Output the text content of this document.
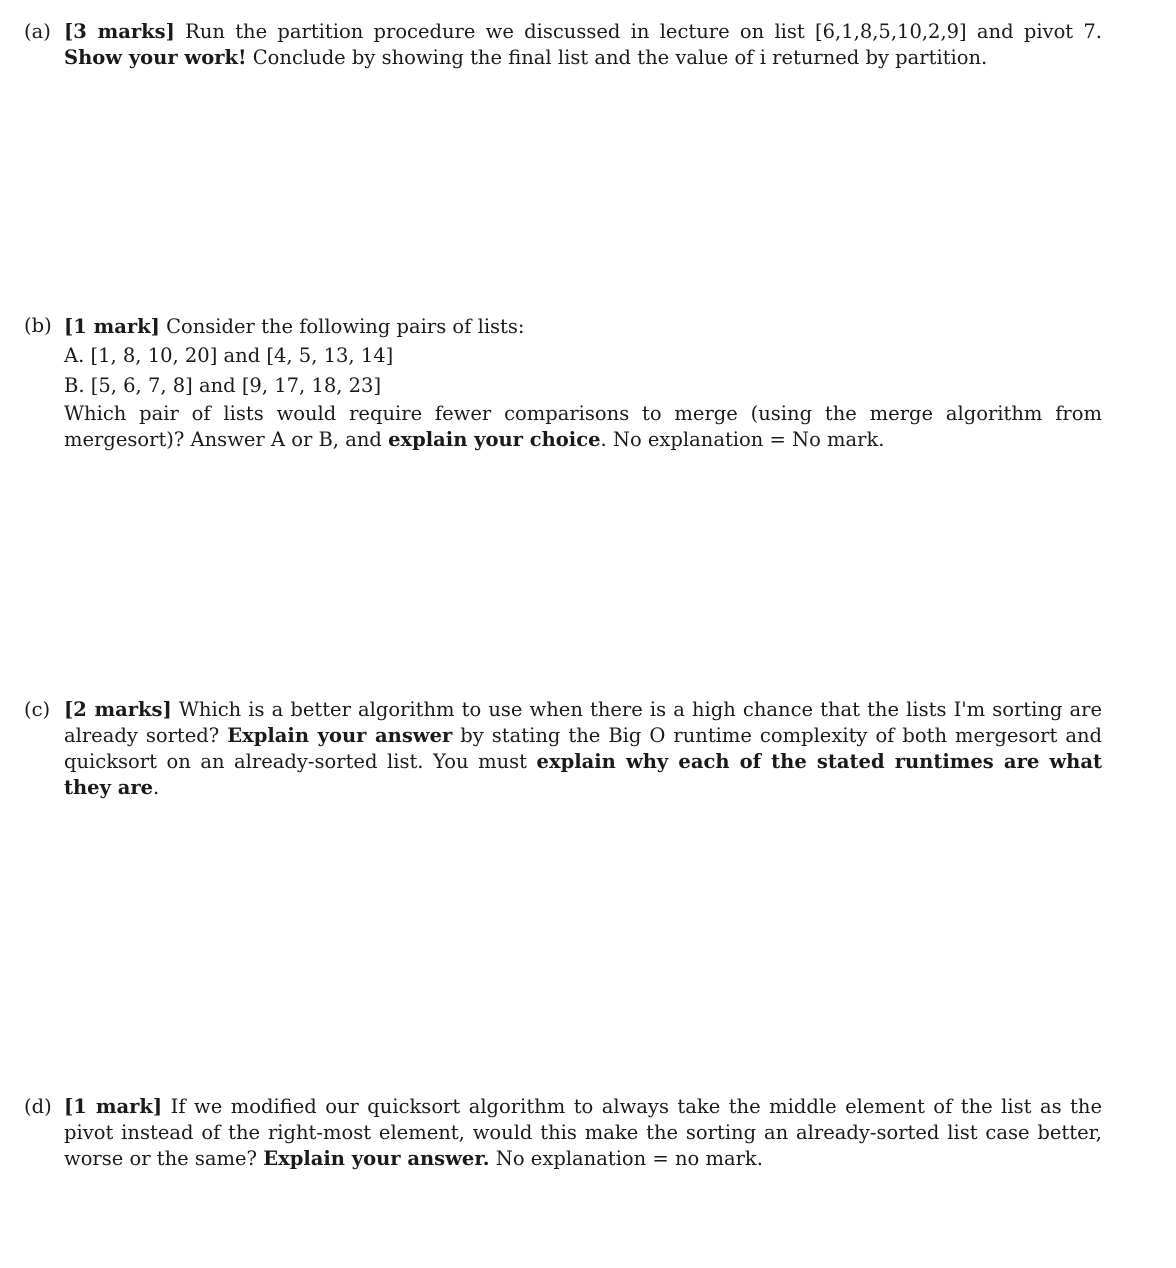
(a) [3 marks] Run the partition procedure we discussed in lecture on list [6,1,8,5,10,2,9] and pivot 7. Show your work! Conclude by showing the final list and the value of i returned by partition.
(b) [1 mark] Consider the following pairs of lists:
A. [1, 8, 10, 20] and [4, 5, 13, 14]
B. [5, 6, 7, 8] and [9, 17, 18, 23]
Which pair of lists would require fewer comparisons to merge (using the merge algorithm from mergesort)? Answer A or B, and explain your choice. No explanation = No mark.
(c) [2 marks] Which is a better algorithm to use when there is a high chance that the lists I'm sorting are already sorted? Explain your answer by stating the Big O runtime complexity of both mergesort and quicksort on an already-sorted list. You must explain why each of the stated runtimes are what they are.
(d) [1 mark] If we modified our quicksort algorithm to always take the middle element of the list as the pivot instead of the right-most element, would this make the sorting an already-sorted list case better, worse or the same? Explain your answer. No explanation = no mark.
